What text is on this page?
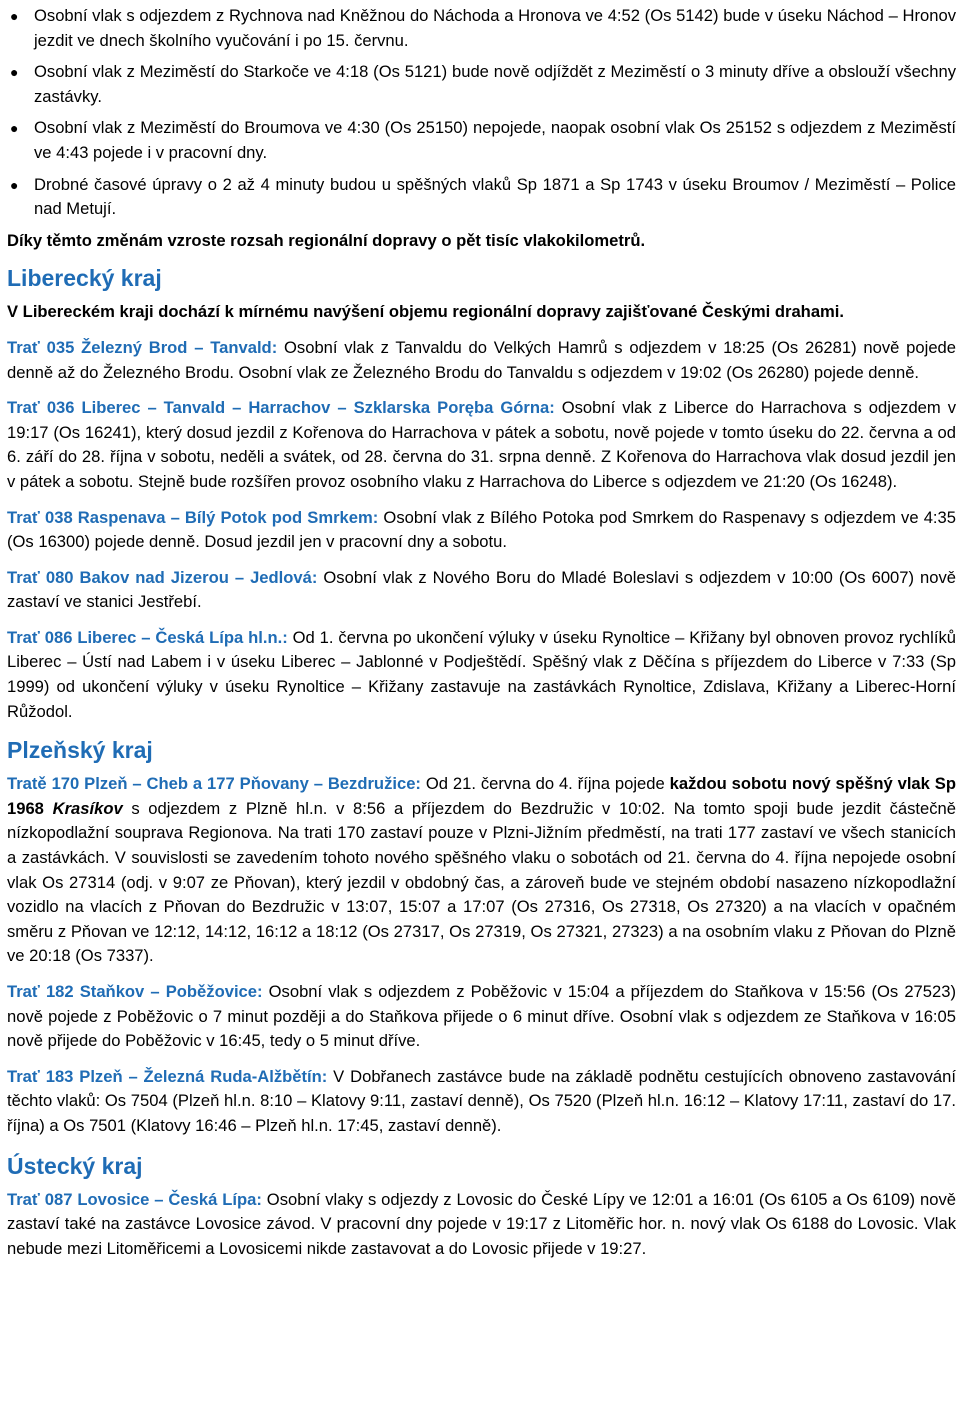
● Osobní vlak s odjezdem z Rychnova nad Kněžnou do Náchoda a Hronova ve 4:52 (Os 5142) bude v úseku Náchod – Hronov jezdit ve dnech školního vyučování i po 15. červnu.
● Osobní vlak z Meziměstí do Starkoče ve 4:18 (Os 5121) bude nově odjíždět z Meziměstí o 3 minuty dříve a obslouží všechny zastávky.
● Osobní vlak z Meziměstí do Broumova ve 4:30 (Os 25150) nepojede, naopak osobní vlak Os 25152 s odjezdem z Meziměstí ve 4:43 pojede i v pracovní dny.
● Drobné časové úpravy o 2 až 4 minuty budou u spěšných vlaků Sp 1871 a Sp 1743 v úseku Broumov / Meziměstí – Police nad Metují.

Díky těmto změnám vzroste rozsah regionální dopravy o pět tisíc vlakokilometrů.

Liberecký kraj

V Libereckém kraji dochází k mírnému navýšení objemu regionální dopravy zajišťované Českými drahami.

Trať 035 Železný Brod – Tanvald: Osobní vlak z Tanvaldu do Velkých Hamrů s odjezdem v 18:25 (Os 26281) nově pojede denně až do Železného Brodu. Osobní vlak ze Železného Brodu do Tanvaldu s odjezdem v 19:02 (Os 26280) pojede denně.

Trať 036 Liberec – Tanvald – Harrachov – Szklarska Poręba Górna: Osobní vlak z Liberce do Harrachova s odjezdem v 19:17 (Os 16241), který dosud jezdil z Kořenova do Harrachova v pátek a sobotu, nově pojede v tomto úseku do 22. června a od 6. září do 28. října v sobotu, neděli a svátek, od 28. června do 31. srpna denně. Z Kořenova do Harrachova vlak dosud jezdil jen v pátek a sobotu. Stejně bude rozšířen provoz osobního vlaku z Harrachova do Liberce s odjezdem ve 21:20 (Os 16248).

Trať 038 Raspenava – Bílý Potok pod Smrkem: Osobní vlak z Bílého Potoka pod Smrkem do Raspenavy s odjezdem ve 4:35 (Os 16300) pojede denně. Dosud jezdil jen v pracovní dny a sobotu.

Trať 080 Bakov nad Jizerou – Jedlová: Osobní vlak z Nového Boru do Mladé Boleslavi s odjezdem v 10:00 (Os 6007) nově zastaví ve stanici Jestřebí.

Trať 086 Liberec – Česká Lípa hl.n.: Od 1. června po ukončení výluky v úseku Rynoltice – Křižany byl obnoven provoz rychlíků Liberec – Ústí nad Labem i v úseku Liberec – Jablonné v Podještědí. Spěšný vlak z Děčína s příjezdem do Liberce v 7:33 (Sp 1999) od ukončení výluky v úseku Rynoltice – Křižany zastavuje na zastávkách Rynoltice, Zdislava, Křižany a Liberec-Horní Růžodol.

Plzeňský kraj

Tratě 170 Plzeň – Cheb a 177 Pňovany – Bezdružice: Od 21. června do 4. října pojede každou sobotu nový spěšný vlak Sp 1968 Krasíkov s odjezdem z Plzně hl.n. v 8:56 a příjezdem do Bezdružic v 10:02. Na tomto spoji bude jezdit částečně nízkopodlažní souprava Regionova. Na trati 170 zastaví pouze v Plzni-Jižním předměstí, na trati 177 zastaví ve všech stanicích a zastávkách. V souvislosti se zavedením tohoto nového spěšného vlaku o sobotách od 21. června do 4. října nepojede osobní vlak Os 27314 (odj. v 9:07 ze Pňovan), který jezdil v obdobný čas, a zároveň bude ve stejném období nasazeno nízkopodlažní vozidlo na vlacích z Pňovan do Bezdružic v 13:07, 15:07 a 17:07 (Os 27316, Os 27318, Os 27320) a na vlacích v opačném směru z Pňovan ve 12:12, 14:12, 16:12 a 18:12 (Os 27317, Os 27319, Os 27321, 27323) a na osobním vlaku z Pňovan do Plzně ve 20:18 (Os 7337).

Trať 182 Staňkov – Poběžovice: Osobní vlak s odjezdem z Poběžovic v 15:04 a příjezdem do Staňkova v 15:56 (Os 27523) nově pojede z Poběžovic o 7 minut později a do Staňkova přijede o 6 minut dříve. Osobní vlak s odjezdem ze Staňkova v 16:05 nově přijede do Poběžovic v 16:45, tedy o 5 minut dříve.

Trať 183 Plzeň – Železná Ruda-Alžbětín: V Dobřanech zastávce bude na základě podnětu cestujících obnoveno zastavování těchto vlaků: Os 7504 (Plzeň hl.n. 8:10 – Klatovy 9:11, zastaví denně), Os 7520 (Plzeň hl.n. 16:12 – Klatovy 17:11, zastaví do 17. října) a Os 7501 (Klatovy 16:46 – Plzeň hl.n. 17:45, zastaví denně).

Ústecký kraj

Trať 087 Lovosice – Česká Lípa: Osobní vlaky s odjezdy z Lovosic do České Lípy ve 12:01 a 16:01 (Os 6105 a Os 6109) nově zastaví také na zastávce Lovosice závod. V pracovní dny pojede v 19:17 z Litoměřic hor. n. nový vlak Os 6188 do Lovosic. Vlak nebude mezi Litoměřicemi a Lovosicemi nikde zastavovat a do Lovosic přijede v 19:27.
